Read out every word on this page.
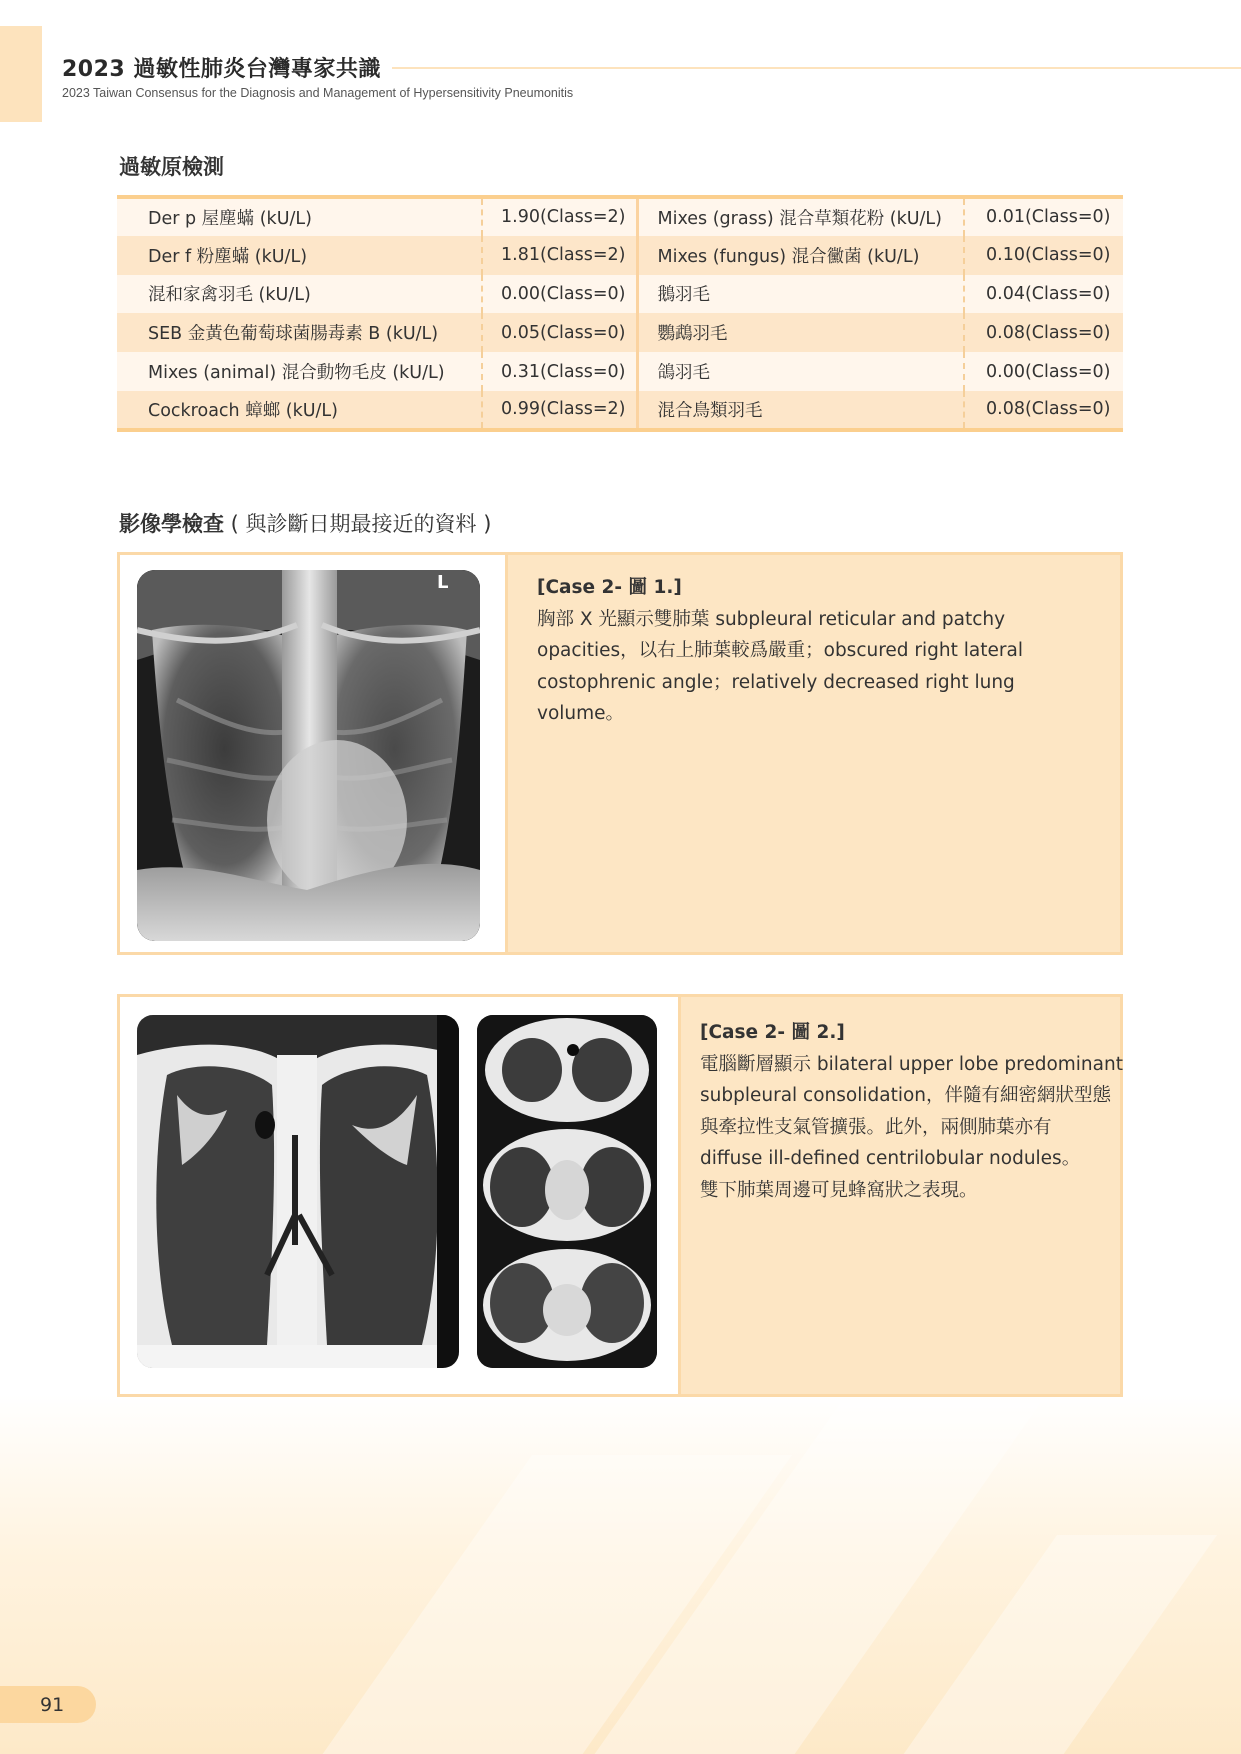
2023 過敏性肺炎台灣專家共識
2023 Taiwan Consensus for the Diagnosis and Management of Hypersensitivity Pneumonitis
過敏原檢測
Der p 屋塵蟎 (kU/L)	1.90(Class=2)	Mixes (grass) 混合草類花粉 (kU/L)	0.01(Class=0)
Der f 粉塵蟎 (kU/L)	1.81(Class=2)	Mixes (fungus) 混合黴菌 (kU/L)	0.10(Class=0)
混和家禽羽毛 (kU/L)	0.00(Class=0)	鵝羽毛	0.04(Class=0)
SEB 金黃色葡萄球菌腸毒素 B (kU/L)	0.05(Class=0)	鸚鵡羽毛	0.08(Class=0)
Mixes (animal) 混合動物毛皮 (kU/L)	0.31(Class=0)	鴿羽毛	0.00(Class=0)
Cockroach 蟑螂 (kU/L)	0.99(Class=2)	混合鳥類羽毛	0.08(Class=0)
影像學檢查 ( 與診斷日期最接近的資料 )
L	[Case 2- 圖 1.]
胸部 X 光顯示雙肺葉 subpleural reticular and patchy
opacities，以右上肺葉較爲嚴重；obscured right lateral
costophrenic angle；relatively decreased right lung
volume。
[Case 2- 圖 2.]
電腦斷層顯示 bilateral upper lobe predominant
subpleural consolidation，伴隨有細密網狀型態
與牽拉性支氣管擴張。此外，兩側肺葉亦有
diffuse ill-defined centrilobular nodules。
雙下肺葉周邊可見蜂窩狀之表現。
91
